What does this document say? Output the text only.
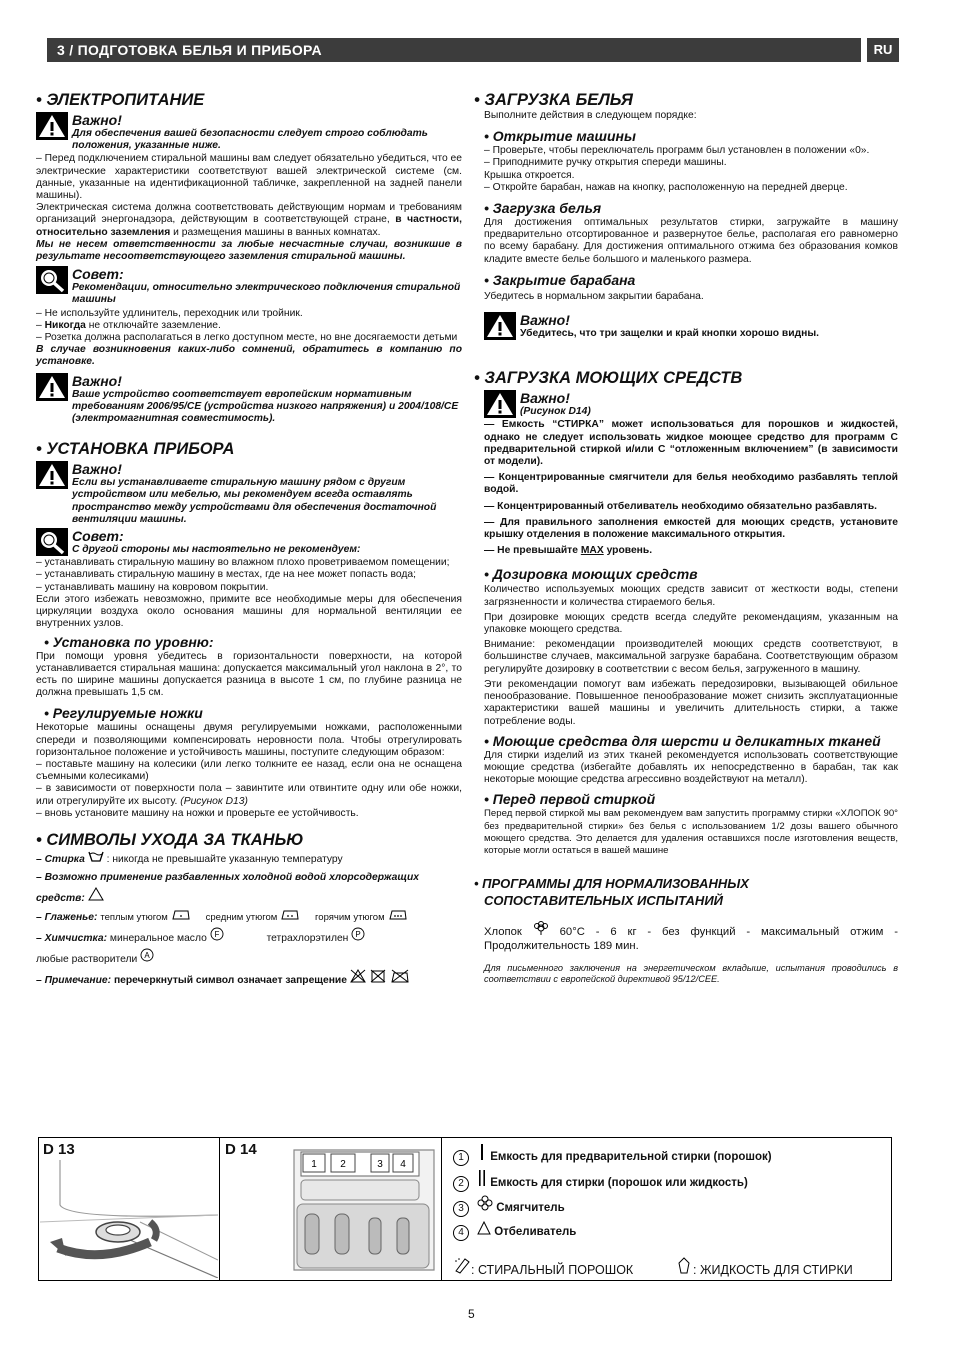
3 / ПОДГОТОВКА БЕЛЬЯ И ПРИБОРА	RU
• ЭЛЕКТРОПИТАНИЕ
Важно!
Для обеспечения вашей безопасности следует строго соблюдать положения, указанные ниже.

– Перед подключением стиральной машины вам следует обязательно убедиться, что ее электрические характеристики соответствуют вашей электрической системе (см. данные, указанные на идентификационной табличке, закрепленной на задней панели машины).

Электрическая система должна соответствовать действующим нормам и требованиям организаций энергонадзора, действующим в соответствующей стране, в частности, относительно заземления и размещения машины в ванных комнатах.

Мы не несем ответственности за любые несчастные случаи, возникшие в результате несоответствующего заземления стиральной машины.

Совет:
Рекомендации, относительно электрического подключения стиральной машины

– Не используйте удлинитель, переходник или тройник.

– Никогда не отключайте заземление.

– Розетка должна располагаться в легко доступном месте, но вне досягаемости детьми

В случае возникновения каких-либо сомнений, обратитесь в компанию по установке.

Важно!
Ваше устройство соответствует европейским нормативным требованиям 2006/95/CE (устройства низкого напряжения) и 2004/108/CE (электромагнитная совместимость).
• УСТАНОВКА ПРИБОРА
Важно!
Если вы устанавливаете стиральную машину рядом с другим устройством или мебелью, мы рекомендуем всегда оставлять пространство между устройствами для обеспечения достаточной вентиляции машины.
Совет:
С другой стороны мы настоятельно не рекомендуем:

– устанавливать стиральную машину во влажном плохо проветриваемом помещении;

– устанавливать стиральную машину в местах, где на нее может попасть вода;

– устанавливать машину на ковровом покрытии.

Если этого избежать невозможно, примите все необходимые меры для обеспечения циркуляции воздуха около основания машины для нормальной вентиляции ее внутренних узлов.

• Установка по уровню:

При помощи уровня убедитесь в горизонтальности поверхности, на которой устанавливается стиральная машина: допускается максимальный угол наклона в 2°, то есть по ширине машины допускается разница в высоте 1 см, по глубине разница не должна превышать 1,5 см.

• Регулируемые ножки

Некоторые машины оснащены двумя регулируемыми ножками, расположенными спереди и позволяющими компенсировать неровности пола. Чтобы отрегулировать горизонтальное положение и устойчивость машины, поступите следующим образом:

– поставьте машину на колесики (или легко толкните ее назад, если она не оснащена съемными колесиками)

– в зависимости от поверхности пола – завинтите или отвинтите одну или обе ножки, или отрегулируйте их высоту. (Рисунок D13)

– вновь установите машину на ножки и проверьте ее устойчивость.

• СИМВОЛЫ УХОДА ЗА ТКАНЬЮ
– Стирка : никогда не превышайте указанную температуру
– Возможно применение разбавленных холодной водой хлорсодержащих средств:
– Глаженье: теплым утюгом	средним утюгом	горячим утюгом
– Химчистка: минеральное масло F	тетрахлорэтилен P
любые растворители A
– Примечание: перечеркнутый символ означает запрещение
• ЗАГРУЗКА БЕЛЬЯ

Выполните действия в следующем порядке:

• Открытие машины

– Проверьте, чтобы переключатель программ был установлен в положении «0».

– Приподнимите ручку открытия спереди машины.

Крышка откроется.

– Откройте барабан, нажав на кнопку, расположенную на передней дверце.

• Загрузка белья

Для достижения оптимальных результатов стирки, загружайте в машину предварительно отсортированное и развернутое белье, располагая его равномерно по всему барабану. Для достижения оптимального отжима без образования комков кладите вместе белье большого и маленького размера.

• Закрытие барабана

Убедитесь в нормальном закрытии барабана.

Важно!
Убедитесь, что три защелки и край кнопки хорошо видны.
• ЗАГРУЗКА МОЮЩИХ СРЕДСТВ
Важно!
(Рисунок D14)

— Емкость “СТИРКА” может использоваться для порошков и жидкостей, однако не следует использовать жидкое моющее средство для программ С предварительной стиркой и/или С “отложенным включением” (в зависимости от модели).

— Концентрированные смягчители для белья необходимо разбавлять теплой водой.

— Концентрированный отбеливатель необходимо обязательно разбавлять.

— Для правильного заполнения емкостей для моющих средств, установите крышку отделения в положение максимального открытия.

— Не превышайте MAX уровень.

• Дозировка моющих средств

Количество используемых моющих средств зависит от жесткости воды, степени загрязненности и количества стираемого белья.

При дозировке моющих средств всегда следуйте рекомендациям, указанным на упаковке моющего средства.

Внимание: рекомендации производителей моющих средств соответствуют, в большинстве случаев, максимальной загрузке барабана. Соответствующим образом регулируйте дозировку в соответствии с весом белья, загруженного в машину.

Эти рекомендации помогут вам избежать передозировки, вызывающей обильное пенообразование. Повышенное пенообразование может снизить эксплуатационные характеристики вашей машины и увеличить длительность стирки, а также потребление воды.

• Моющие средства для шерсти и деликатных тканей

Для стирки изделий из этих тканей рекомендуется использовать соответствующие моющие средства (избегайте добавлять их непосредственно в барабан, так как некоторые моющие средства агрессивно воздействуют на металл).

• Перед первой стиркой

Перед первой стиркой мы вам рекомендуем вам запустить программу стирки «ХЛОПОК 90° без предварительной стирки» без белья с использованием 1/2 дозы вашего обычного моющего средства. Это делается для удаления оставшихся после изготовления веществ, которые могли остаться в вашей машине

• ПРОГРАММЫ ДЛЯ НОРМАЛИЗОВАННЫХ
СОПОСТАВИТЕЛЬНЫХ ИСПЫТАНИЙ

Хлопок	60°C - 6 кг - без функций - максимальный отжим - Продолжительность 189 мин.

Для письменного заключения на энергетическом вкладыше, испытания проводились в соответствии с европейской директивой 95/12/CEE.

D 13	D 14
1 2	3 4
1 Емкость для предварительной стирки (порошок)
2 Емкость для стирки (порошок или жидкость)
3	Смягчитель
4	Отбеливатель
: СТИРАЛЬНЫЙ ПОРОШОК	: ЖИДКОСТЬ ДЛЯ СТИРКИ
5
